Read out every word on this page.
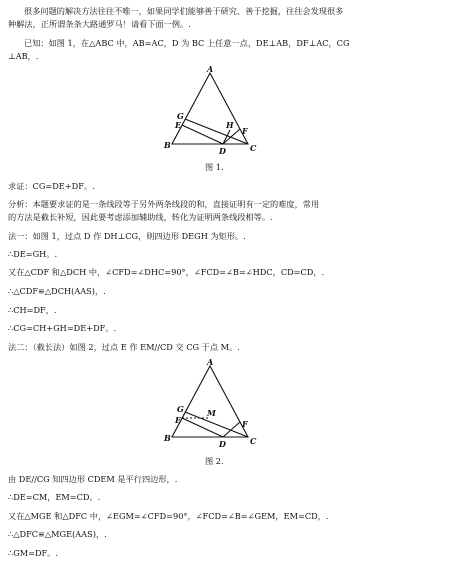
很多问题的解决方法往往不唯一，如果同学们能够善于研究、善于挖掘，往往会发现很多
种解法，正所谓条条大路通罗马！请看下面一例。.
已知：如图 1，在△ABC 中，AB=AC，D 为 BC 上任意一点，DE⊥AB，DF⊥AC，CG
⊥AB，.
A
B	C
D
E
F
G
H
图 1.
求证：CG=DE+DF。.
分析：本题要求证的是一条线段等于另外两条线段的和，直接证明有一定的难度，常用
的方法是截长补短，因此要考虑添加辅助线，转化为证明两条线段相等。.
法一：如图 1，过点 D 作 DH⊥CG，则四边形 DEGH 为矩形。.
∴DE=GH。.
又在△CDF 和△DCH 中，∠CFD=∠DHC=90°，∠FCD=∠B=∠HDC，CD=CD，.
∴△CDF≌△DCH(AAS)，.
∴CH=DF，.
∴CG=CH+GH=DE+DF。.
法二：（截长法）如图 2，过点 E 作 EM//CD 交 CG 于点 M。.
A
B	C
D
E	F
G	M
图 2.
由 DE//CG 知四边形 CDEM 是平行四边形，.
∴DE=CM，EM=CD。.
又在△MGE 和△DFC 中，∠EGM=∠CFD=90°，∠FCD=∠B=∠GEM，EM=CD，.
∴△DFC≌△MGE(AAS)，.
∴GM=DF。.
